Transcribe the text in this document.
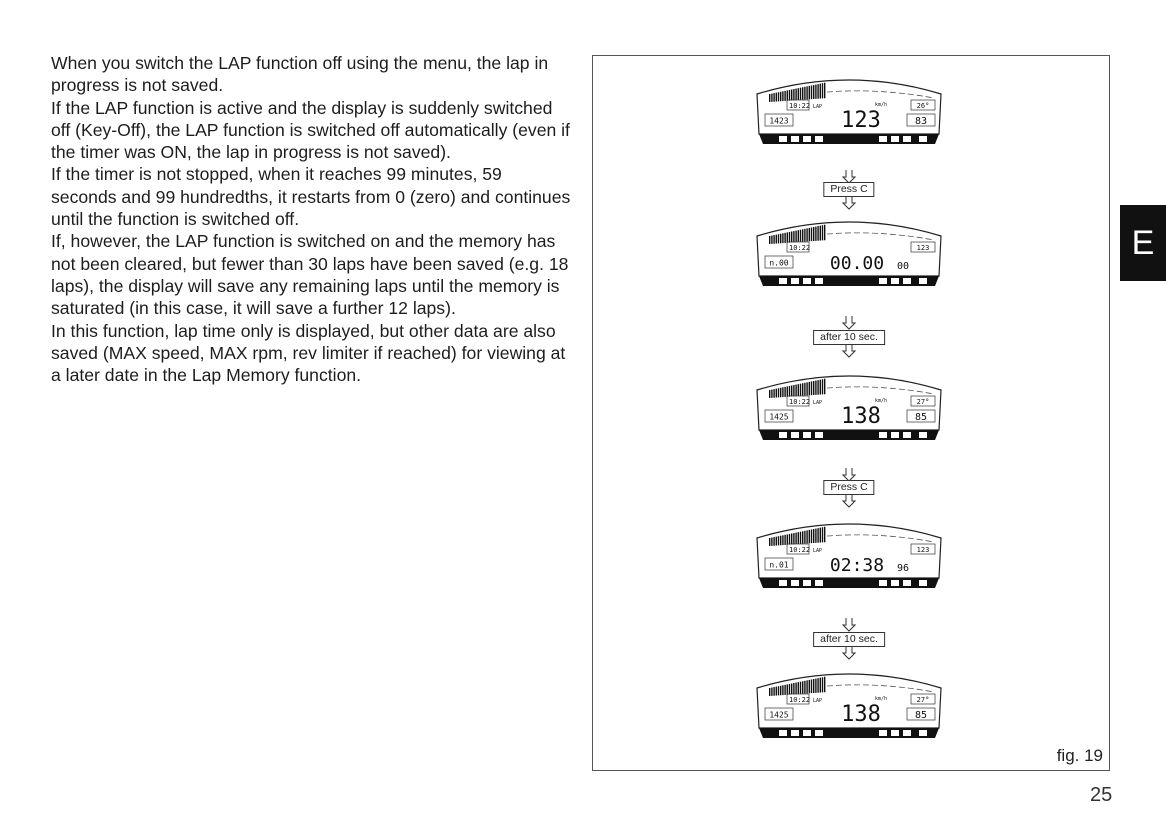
When you switch the LAP function off using the menu, the lap in progress is not saved.

If the LAP function is active and the display is suddenly switched off (Key-Off), the LAP function is switched off automatically (even if the timer was ON, the lap in progress is not saved).

If the timer is not stopped, when it reaches 99 minutes, 59 seconds and 99 hundredths, it restarts from 0 (zero) and continues until the function is switched off.

If, however, the LAP function is switched on and the memory has not been cleared, but fewer than 30 laps have been saved (e.g. 18 laps), the display will save any remaining laps until the memory is saturated (in this case, it will save a further 12 laps).

In this function, lap time only is displayed, but other data are also saved (MAX speed, MAX rpm, rev limiter if reached) for viewing at a later date in the Lap Memory function.

10:22 LAP
1423 123
km/h	26°
83
Press C
10:22
n.00 00.00 00
123
after 10 sec.
10:22 LAP
1425 138
km/h	27°
85
Press C
10:22 LAP
n.01 02:38 96
123
after 10 sec.
10:22 LAP
1425 138
km/h	27°
85
fig. 19
E
25
